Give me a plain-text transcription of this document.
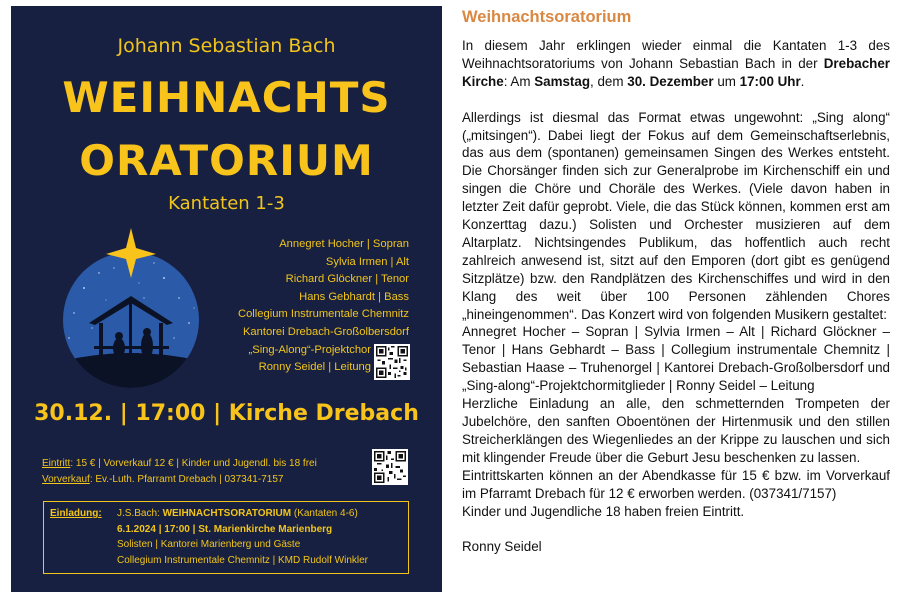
Johann Sebastian Bach
WEIHNACHTS
ORATORIUM
Kantaten 1-3
Annegret Hocher | Sopran
Sylvia Irmen | Alt
Richard Glöckner | Tenor
Hans Gebhardt | Bass
Collegium Instrumentale Chemnitz
Kantorei Drebach-Großolbersdorf
„Sing-Along“-Projektchor
Ronny Seidel | Leitung
30.12. | 17:00 | Kirche Drebach
Eintritt: 15 € | Vorverkauf 12 € | Kinder und Jugendl. bis 18 frei
Vorverkauf: Ev.-Luth. Pfarramt Drebach | 037341-7157
Einladung: J.S.Bach: WEIHNACHTSORATORIUM (Kantaten 4-6)
6.1.2024 | 17:00 | St. Marienkirche Marienberg
Solisten | Kantorei Marienberg und Gäste
Collegium Instrumentale Chemnitz | KMD Rudolf Winkler
Weihnachtsoratorium

In diesem Jahr erklingen wieder einmal die Kantaten 1-3 des Weihnachtsoratoriums von Johann Sebastian Bach in der Drebacher Kirche: Am Samstag, dem 30. Dezember um 17:00 Uhr.

Allerdings ist diesmal das Format etwas ungewohnt: „Sing along“ („mitsingen“). Dabei liegt der Fokus auf dem Gemeinschaftserlebnis, das aus dem (spontanen) gemeinsamen Singen des Werkes entsteht. Die Chorsänger finden sich zur Generalprobe im Kirchenschiff ein und singen die Chöre und Choräle des Werkes. (Viele davon haben in letzter Zeit dafür geprobt. Viele, die das Stück können, kommen erst am Konzerttag dazu.) Solisten und Orchester musizieren auf dem Altarplatz. Nichtsingendes Publikum, das hoffentlich auch recht zahlreich anwesend ist, sitzt auf den Emporen (dort gibt es genügend Sitzplätze) bzw. den Randplätzen des Kirchenschiffes und wird in den Klang des weit über 100 Personen zählenden Chores „hineingenommen“. Das Konzert wird von folgenden Musikern gestaltet:

Annegret Hocher – Sopran | Sylvia Irmen – Alt | Richard Glöckner – Tenor | Hans Gebhardt – Bass | Collegium instrumentale Chemnitz | Sebastian Haase – Truhenorgel | Kantorei Drebach-Großolbersdorf und „Sing-along“-Projektchormitglieder | Ronny Seidel – Leitung

Herzliche Einladung an alle, den schmetternden Trompeten der Jubelchöre, den sanften Oboentönen der Hirtenmusik und den stillen Streicherklängen des Wiegenliedes an der Krippe zu lauschen und sich mit klingender Freude über die Geburt Jesu beschenken zu lassen.

Eintrittskarten können an der Abendkasse für 15 € bzw. im Vorverkauf im Pfarramt Drebach für 12 € erworben werden. (037341/7157)

Kinder und Jugendliche 18 haben freien Eintritt.

Ronny Seidel
